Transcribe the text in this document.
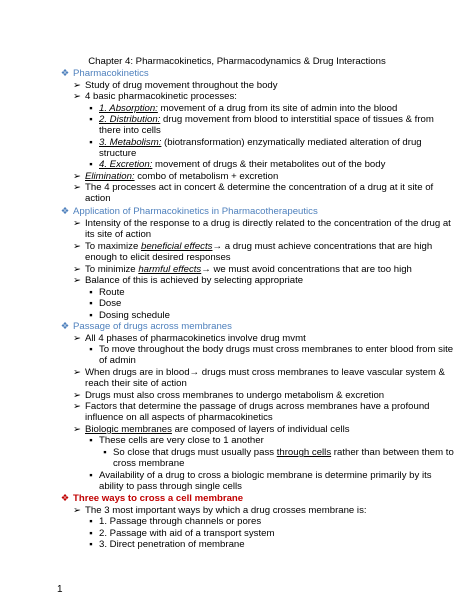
Chapter 4: Pharmacokinetics, Pharmacodynamics & Drug Interactions
❖ Pharmacokinetics
➢ Study of drug movement throughout the body
➢ 4 basic pharmacokinetic processes:
▪ 1. Absorption: movement of a drug from its site of admin into the blood
▪ 2. Distribution: drug movement from blood to interstitial space of tissues & from
there into cells
▪ 3. Metabolism: (biotransformation) enzymatically mediated alteration of drug
structure
▪ 4. Excretion: movement of drugs & their metabolites out of the body
➢ Elimination: combo of metabolism + excretion
➢ The 4 processes act in concert & determine the concentration of a drug at it site of
action
❖ Application of Pharmacokinetics in Pharmacotherapeutics
➢ Intensity of the response to a drug is directly related to the concentration of the drug at
its site of action
➢ To maximize beneficial effects→ a drug must achieve concentrations that are high
enough to elicit desired responses
➢ To minimize harmful effects→ we must avoid concentrations that are too high
➢ Balance of this is achieved by selecting appropriate
▪ Route
▪ Dose
▪ Dosing schedule
❖ Passage of drugs across membranes
➢ All 4 phases of pharmacokinetics involve drug mvmt
▪ To move throughout the body drugs must cross membranes to enter blood from site
of admin
➢ When drugs are in blood→ drugs must cross membranes to leave vascular system &
reach their site of action
➢ Drugs must also cross membranes to undergo metabolism & excretion
➢ Factors that determine the passage of drugs across membranes have a profound
influence on all aspects of pharmacokinetics
➢ Biologic membranes are composed of layers of individual cells
▪ These cells are very close to 1 another
▪ So close that drugs must usually pass through cells rather than between them to
cross membrane
▪ Availability of a drug to cross a biologic membrane is determine primarily by its
ability to pass through single cells
❖ Three ways to cross a cell membrane
➢ The 3 most important ways by which a drug crosses membrane is:
▪ 1. Passage through channels or pores
▪ 2. Passage with aid of a transport system
▪ 3. Direct penetration of membrane
1
